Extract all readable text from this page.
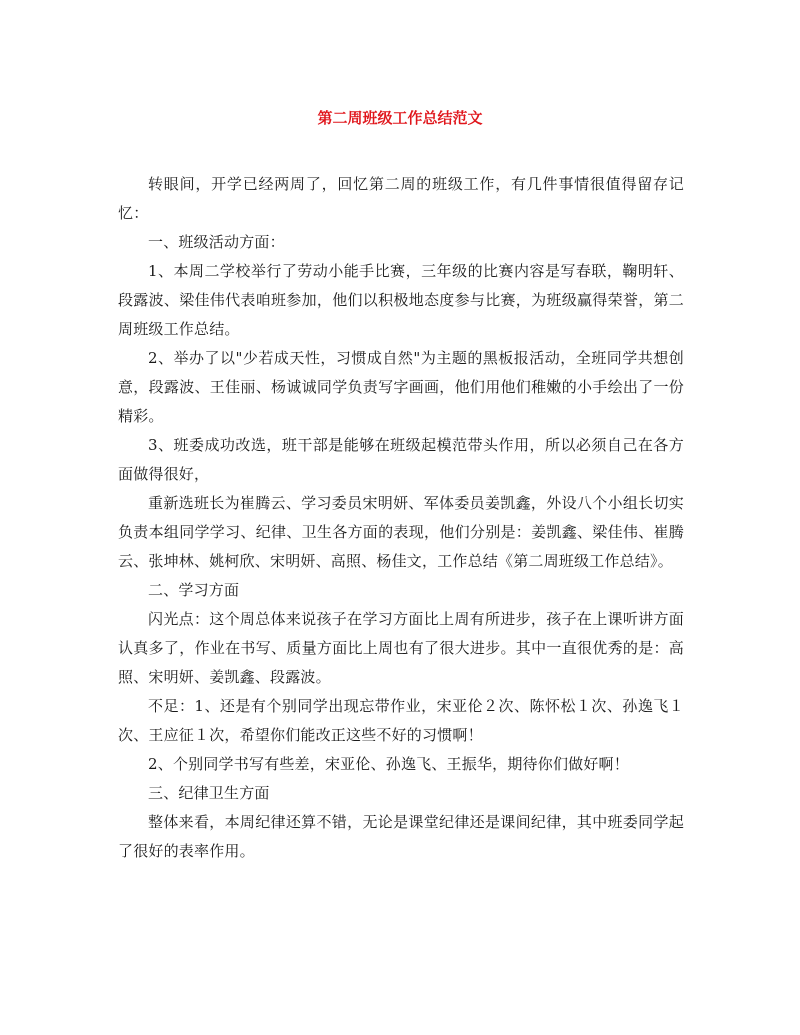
第二周班级工作总结范文

转眼间，开学已经两周了，回忆第二周的班级工作，有几件事情很值得留存记忆：

一、班级活动方面：

1、本周二学校举行了劳动小能手比赛，三年级的比赛内容是写春联，鞠明轩、段露波、梁佳伟代表咱班参加，他们以积极地态度参与比赛，为班级赢得荣誉，第二周班级工作总结。

2、举办了以"少若成天性，习惯成自然"为主题的黑板报活动，全班同学共想创意，段露波、王佳丽、杨诚诚同学负责写字画画，他们用他们稚嫩的小手绘出了一份精彩。

3、班委成功改选，班干部是能够在班级起模范带头作用，所以必须自己在各方面做得很好，

重新选班长为崔腾云、学习委员宋明妍、军体委员姜凯鑫，外设八个小组长切实负责本组同学学习、纪律、卫生各方面的表现，他们分别是：姜凯鑫、梁佳伟、崔腾云、张坤林、姚柯欣、宋明妍、高照、杨佳文，工作总结《第二周班级工作总结》。

二、学习方面

闪光点：这个周总体来说孩子在学习方面比上周有所进步，孩子在上课听讲方面认真多了，作业在书写、质量方面比上周也有了很大进步。其中一直很优秀的是：高照、宋明妍、姜凯鑫、段露波。

不足：1、还是有个别同学出现忘带作业，宋亚伦２次、陈怀松１次、孙逸飞１次、王应征１次，希望你们能改正这些不好的习惯啊！

2、个别同学书写有些差，宋亚伦、孙逸飞、王振华，期待你们做好啊！

三、纪律卫生方面

整体来看，本周纪律还算不错，无论是课堂纪律还是课间纪律，其中班委同学起了很好的表率作用。
